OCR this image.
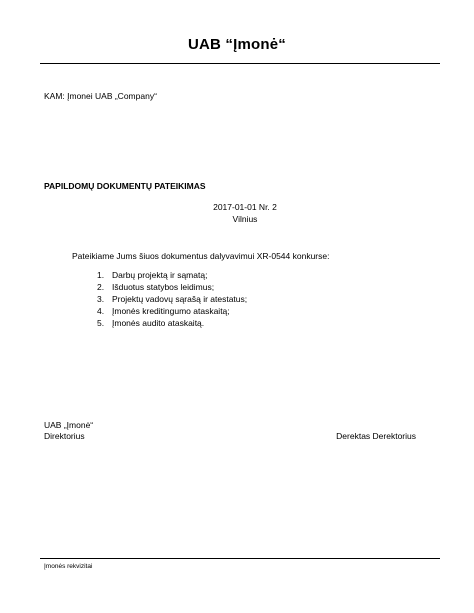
UAB “Įmonė“
KAM: Įmonei UAB „Company“
PAPILDOMŲ DOKUMENTŲ PATEIKIMAS
2017-01-01 Nr. 2
Vilnius
Pateikiame Jums šiuos dokumentus dalyvavimui XR-0544 konkurse:
1. Darbų projektą ir sąmatą;
2. Išduotus statybos leidimus;
3. Projektų vadovų sąrašą ir atestatus;
4. Įmonės kreditingumo ataskaitą;
5. Įmonės audito ataskaitą.
UAB „Įmonė“
Direktorius	Derektas Derektorius
Įmonės rekvizitai
